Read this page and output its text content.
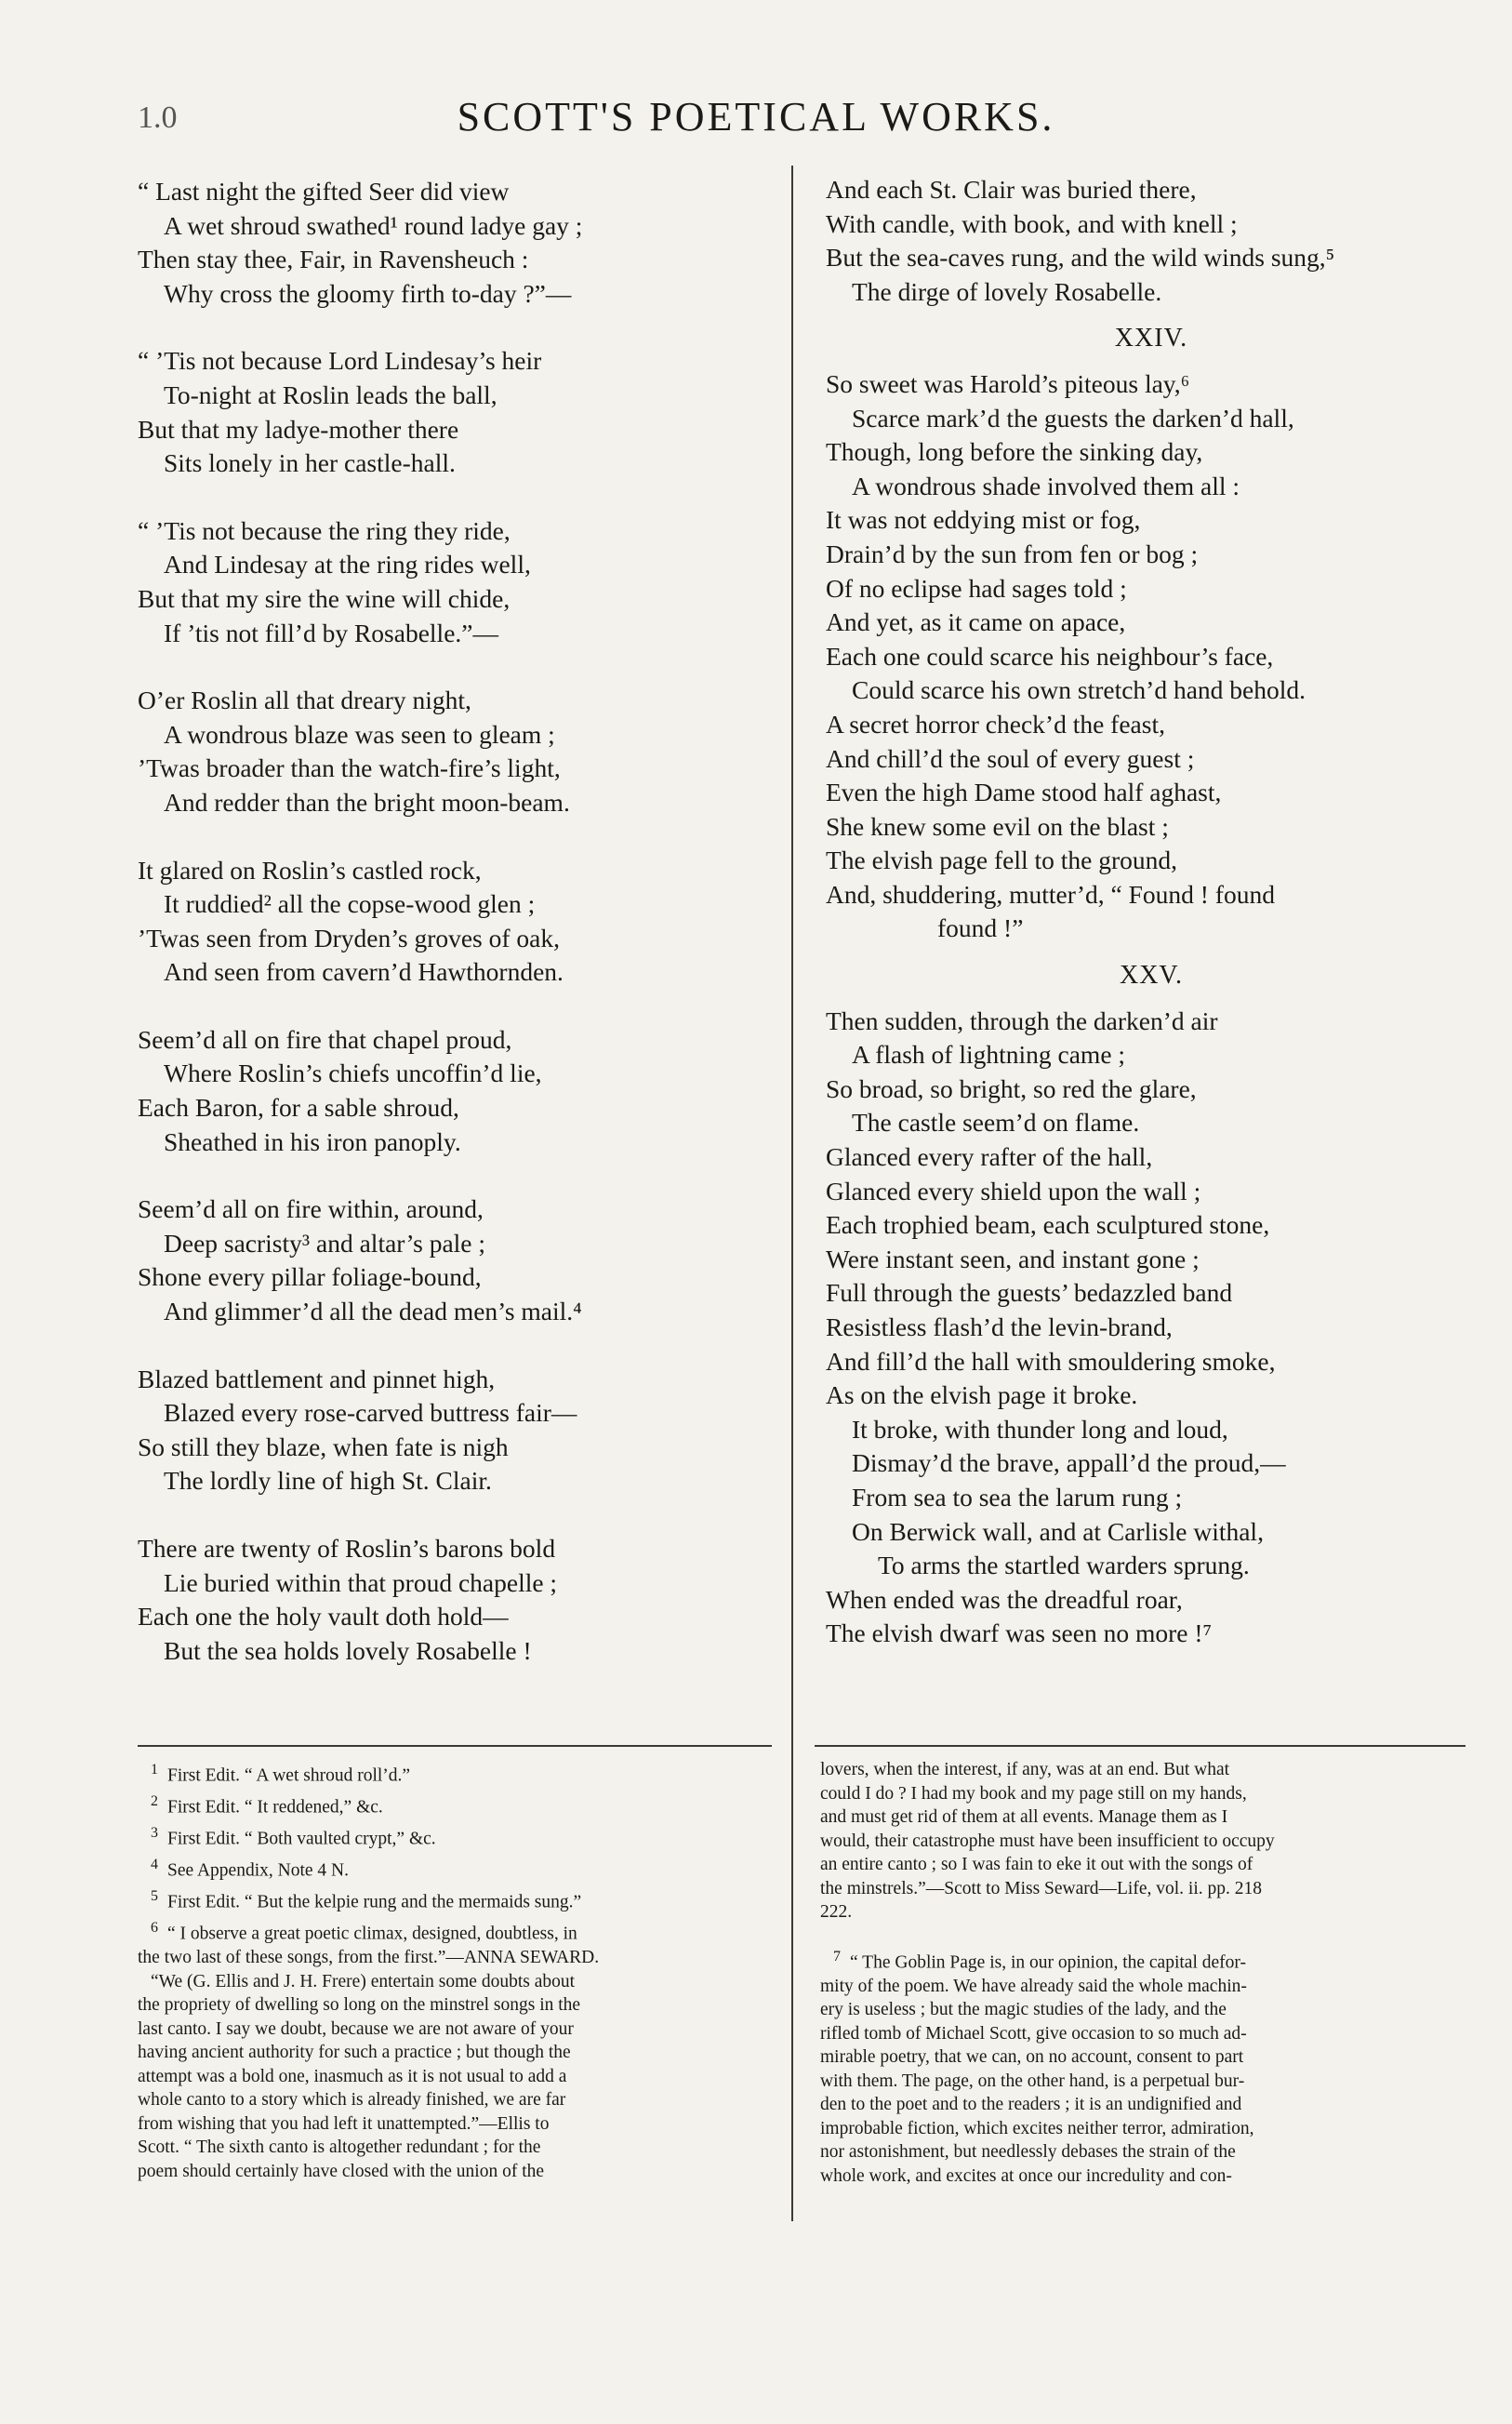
1.0	SCOTT'S POETICAL WORKS.
“ Last night the gifted Seer did view
A wet shroud swathed¹ round ladye gay ;
Then stay thee, Fair, in Ravensheuch :
Why cross the gloomy firth to-day ?”—
“ ’Tis not because Lord Lindesay’s heir
To-night at Roslin leads the ball,
But that my ladye-mother there
Sits lonely in her castle-hall.
“ ’Tis not because the ring they ride,
And Lindesay at the ring rides well,
But that my sire the wine will chide,
If ’tis not fill’d by Rosabelle.”—
O’er Roslin all that dreary night,
A wondrous blaze was seen to gleam ;
’Twas broader than the watch-fire’s light,
And redder than the bright moon-beam.
It glared on Roslin’s castled rock,
It ruddied² all the copse-wood glen ;
’Twas seen from Dryden’s groves of oak,
And seen from cavern’d Hawthornden.
Seem’d all on fire that chapel proud,
Where Roslin’s chiefs uncoffin’d lie,
Each Baron, for a sable shroud,
Sheathed in his iron panoply.
Seem’d all on fire within, around,
Deep sacristy³ and altar’s pale ;
Shone every pillar foliage-bound,
And glimmer’d all the dead men’s mail.⁴
Blazed battlement and pinnet high,
Blazed every rose-carved buttress fair—
So still they blaze, when fate is nigh
The lordly line of high St. Clair.
There are twenty of Roslin’s barons bold
Lie buried within that proud chapelle ;
Each one the holy vault doth hold—
But the sea holds lovely Rosabelle !
And each St. Clair was buried there,
With candle, with book, and with knell ;
But the sea-caves rung, and the wild winds sung,⁵
The dirge of lovely Rosabelle.
XXIV.
So sweet was Harold’s piteous lay,⁶
Scarce mark’d the guests the darken’d hall,
Though, long before the sinking day,
A wondrous shade involved them all :
It was not eddying mist or fog,
Drain’d by the sun from fen or bog ;
Of no eclipse had sages told ;
And yet, as it came on apace,
Each one could scarce his neighbour’s face,
Could scarce his own stretch’d hand behold.
A secret horror check’d the feast,
And chill’d the soul of every guest ;
Even the high Dame stood half aghast,
She knew some evil on the blast ;
The elvish page fell to the ground,
And, shuddering, mutter’d, “ Found ! found
found !”
XXV.
Then sudden, through the darken’d air
A flash of lightning came ;
So broad, so bright, so red the glare,
The castle seem’d on flame.
Glanced every rafter of the hall,
Glanced every shield upon the wall ;
Each trophied beam, each sculptured stone,
Were instant seen, and instant gone ;
Full through the guests’ bedazzled band
Resistless flash’d the levin-brand,
And fill’d the hall with smouldering smoke,
As on the elvish page it broke.
It broke, with thunder long and loud,
Dismay’d the brave, appall’d the proud,—
From sea to sea the larum rung ;
On Berwick wall, and at Carlisle withal,
To arms the startled warders sprung.
When ended was the dreadful roar,
The elvish dwarf was seen no more !⁷
$^1$ First Edit. “ A wet shroud roll’d.”
$^2$ First Edit. “ It reddened,” &c.
$^3$ First Edit. “ Both vaulted crypt,” &c.
$^4$ See Appendix, Note 4 N.
$^5$ First Edit. “ But the kelpie rung and the mermaids sung.”
$^6$ “ I observe a great poetic climax, designed, doubtless, in
the two last of these songs, from the first.”—ANNA SEWARD.
“We (G. Ellis and J. H. Frere) entertain some doubts about
the propriety of dwelling so long on the minstrel songs in the
last canto. I say we doubt, because we are not aware of your
having ancient authority for such a practice ; but though the
attempt was a bold one, inasmuch as it is not usual to add a
whole canto to a story which is already finished, we are far
from wishing that you had left it unattempted.”—Ellis to
Scott. “ The sixth canto is altogether redundant ; for the
poem should certainly have closed with the union of the
lovers, when the interest, if any, was at an end. But what
could I do ? I had my book and my page still on my hands,
and must get rid of them at all events. Manage them as I
would, their catastrophe must have been insufficient to occupy
an entire canto ; so I was fain to eke it out with the songs of
the minstrels.”—Scott to Miss Seward—Life, vol. ii. pp. 218
222.
$^7$ “ The Goblin Page is, in our opinion, the capital defor-
mity of the poem. We have already said the whole machin-
ery is useless ; but the magic studies of the lady, and the
rifled tomb of Michael Scott, give occasion to so much ad-
mirable poetry, that we can, on no account, consent to part
with them. The page, on the other hand, is a perpetual bur-
den to the poet and to the readers ; it is an undignified and
improbable fiction, which excites neither terror, admiration,
nor astonishment, but needlessly debases the strain of the
whole work, and excites at once our incredulity and con-
